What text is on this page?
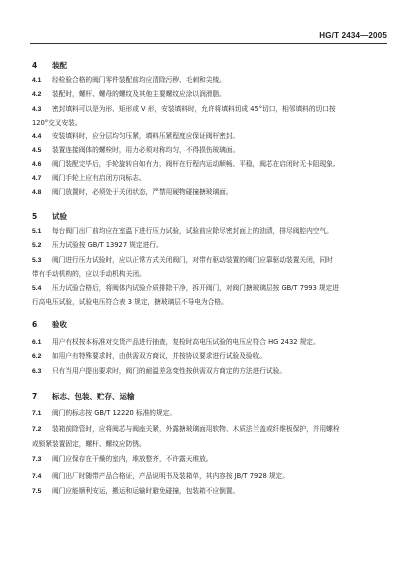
HG/T 2434—2005
4 装配
4.1 经检验合格的阀门零件装配前均应清除污秽、毛刺和尖棱。
4.2 装配时，螺杆、螺母的螺纹及其他主要螺纹应涂以润滑脂。
4.3 密封填料可以是为形、矩形或 V 形，安装填料时，允许将填料切成 45°切口，相邻填料的切口按
120°交叉安装。
4.4 安装填料时，应分层均匀压紧，填料压紧程度应保证阀杆密封。
4.5 装置连接阀体的螺栓时，用力必须对称均匀，不得损伤玻璃面。
4.6 阀门装配完毕后，手轮旋转自如有力，阀杆在行程内运动顺畅、平稳，阀芯在启闭时无卡阻现象。
4.7 阀门手轮上应有启闭方向标志。
4.8 阀门放置时，必须处于关闭状态，严禁用硬物碰撞搪玻璃面。
5 试验
5.1 每台阀门出厂前均应在室温下进行压力试验，试验前应除尽密封面上的油渍，排尽阀腔内空气。
5.2 压力试验按 GB/T 13927 规定进行。
5.3 阀门进行压力试验时，应以正常方式关闭阀门，对带有驱动装置的阀门应靠驱动装置关闭，同时
带有手动机构的，应以手动机构关闭。
5.4 压力试验合格后，将阀体内试验介质排除干净，拆开阀门，对阀门搪玻璃层按 GB/T 7993 规定进
行高电压试验，试验电压符合表 3 规定，搪玻璃层不导电为合格。
6 验收
6.1 用户有权按本标准对交货产品进行抽查，复检时高电压试验的电压应符合 HG 2432 规定。
6.2 如用户有特殊要求时，由供需双方商议，并按协议要求进行试验及验收。
6.3 只有当用户提出要求时，阀门的耐温差急变性按供需双方商定的方法进行试验。
7 标志、包装、贮存、运输
7.1 阀门的标志按 GB/T 12220 标准的规定。
7.2 装箱前除管时，应将阀芯与阀座关紧，外露搪玻璃面用软物、木质法兰盖或纤维板保护，并用螺栓
或锁紧装置固定，螺杆、螺纹应防锈。
7.3 阀门应保存在干燥的室内，堆放整齐，不许露天堆放。
7.4 阀门出厂时随带产品合格证，产品说明书及装箱单，其内容按 JB/T 7928 规定。
7.5 阀门应能顺利安运，搬运和运输时避免碰撞，包装箱不应倒置。
